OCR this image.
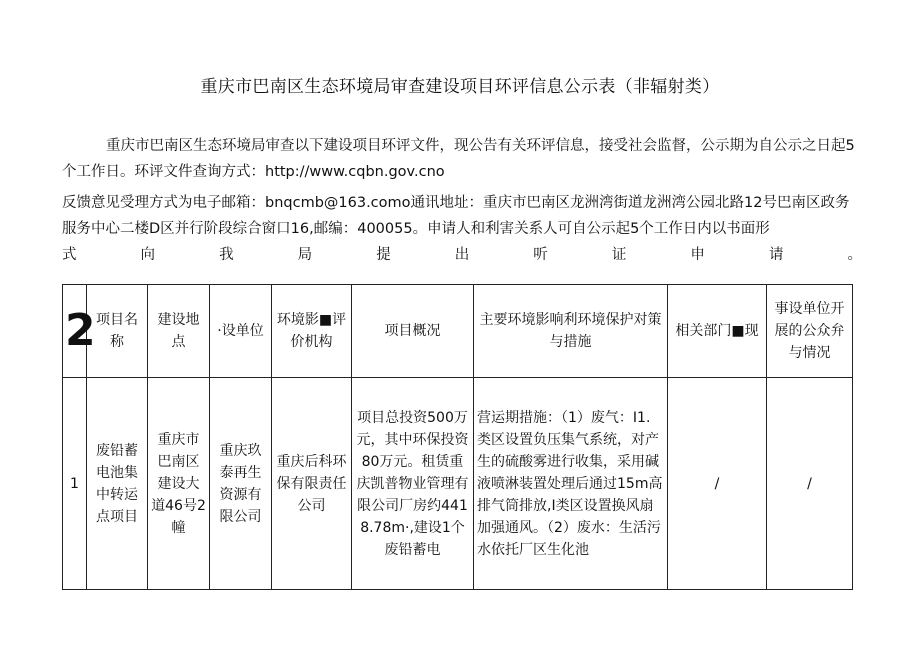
重庆市巴南区生态环境局审查建设项目环评信息公示表（非辐射类）
重庆市巴南区生态环境局审查以下建设项目环评文件，现公告有关环评信息，接受社会监督，公示期为自公示之日起5个工作日。环评文件查询方式：http://www.cqbn.gov.cno
反馈意见受理方式为电子邮箱：bnqcmb@163.como通讯地址：重庆市巴南区龙洲湾街道龙洲湾公园北路12号巴南区政务服务中心二楼D区并行阶段综合窗口16,邮编：400055。申请人和利害关系人可自公示起5个工作日内以书面形
式向我局提出听证申请。
2	项目名称	建设地点	·设单位	环境影■评价机构	项目概况	主要环境影响利环境保护对策与措施	相关部门■现	事设单位开展的公众弁与情况
1	废铅蓄电池集中转运点项目	重庆市巴南区建设大道46号2幢	重庆玖泰再生资源有限公司	重庆后科环保有限责任公司	项目总投资500万元，其中环保投资80万元。租赁重庆凯普物业管理有限公司厂房约4418.78m·,建设1个废铅蓄电	营运期措施：（1）废气：I1.类区设置负压集气系统，对产生的硫酸雾进行收集，采用碱液喷淋装置处理后通过15m高排气筒排放,I类区设置换风扇加强通风。（2）废水：生活污水依托厂区生化池	/	/
